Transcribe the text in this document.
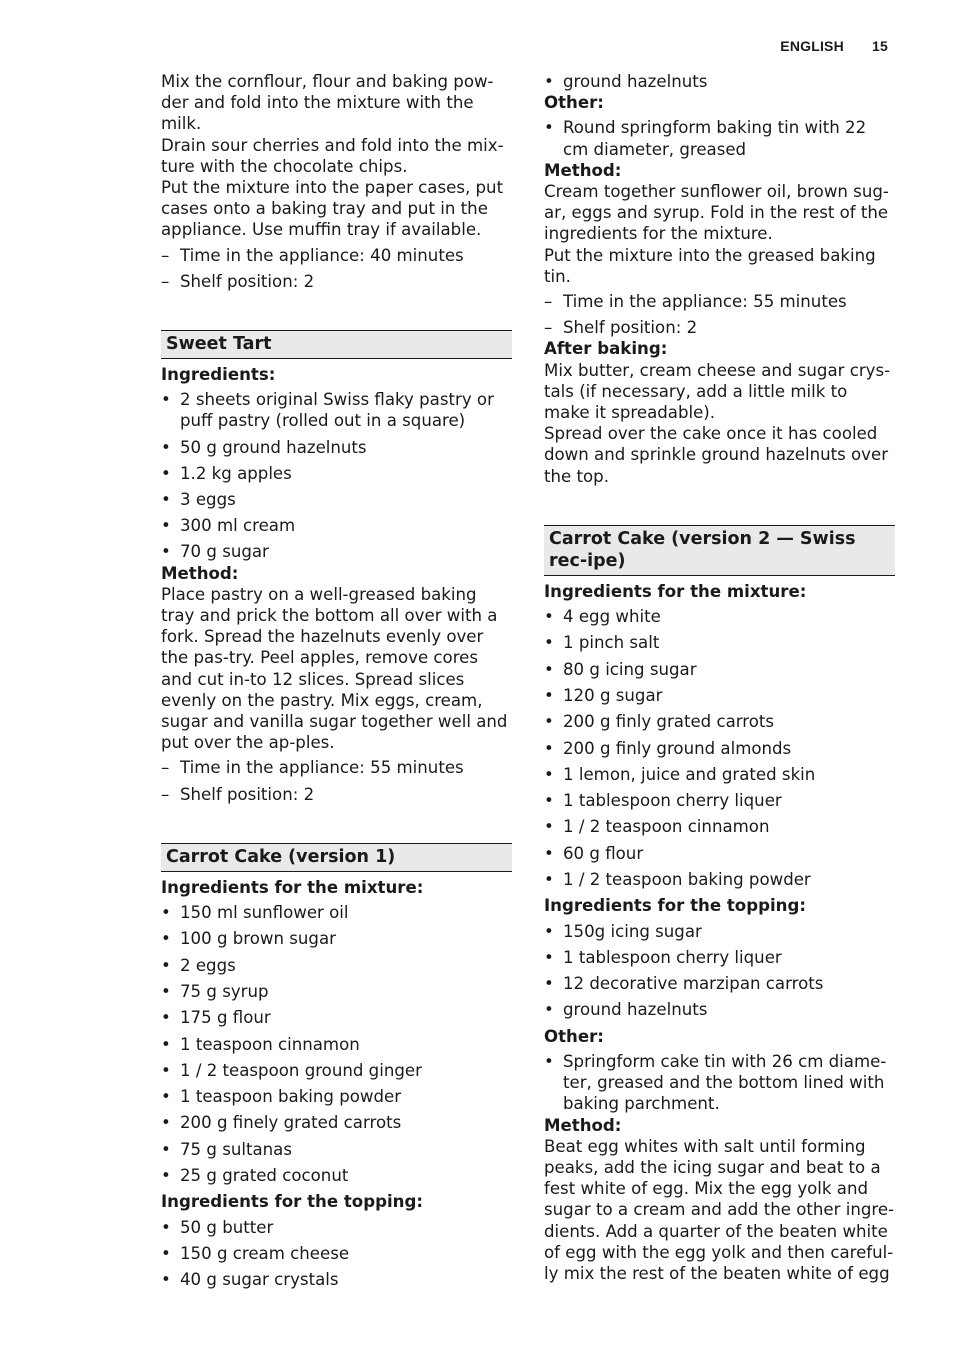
ENGLISH 15

Mix the cornflour, flour and baking pow-der and fold into the mixture with the milk.

Drain sour cherries and fold into the mix-ture with the chocolate chips.

Put the mixture into the paper cases, put cases onto a baking tray and put in the appliance. Use muffin tray if available.

– Time in the appliance: 40 minutes
– Shelf position: 2
Sweet Tart

Ingredients:

• 2 sheets original Swiss flaky pastry or puff pastry (rolled out in a square)
• 50 g ground hazelnuts
• 1.2 kg apples
• 3 eggs
• 300 ml cream
• 70 g sugar

Method:

Place pastry on a well-greased baking tray and prick the bottom all over with a fork. Spread the hazelnuts evenly over the pas-try. Peel apples, remove cores and cut in-to 12 slices. Spread slices evenly on the pastry. Mix eggs, cream, sugar and vanilla sugar together well and put over the ap-ples.

– Time in the appliance: 55 minutes
– Shelf position: 2
Carrot Cake (version 1)

Ingredients for the mixture:

• 150 ml sunflower oil
• 100 g brown sugar
• 2 eggs
• 75 g syrup
• 175 g flour
• 1 teaspoon cinnamon
• 1 / 2 teaspoon ground ginger
• 1 teaspoon baking powder
• 200 g finely grated carrots
• 75 g sultanas
• 25 g grated coconut

Ingredients for the topping:

• 50 g butter
• 150 g cream cheese
• 40 g sugar crystals
• ground hazelnuts

Other:

• Round springform baking tin with 22 cm diameter, greased

Method:

Cream together sunflower oil, brown sug-ar, eggs and syrup. Fold in the rest of the ingredients for the mixture.

Put the mixture into the greased baking tin.

– Time in the appliance: 55 minutes
– Shelf position: 2

After baking:

Mix butter, cream cheese and sugar crys-tals (if necessary, add a little milk to make it spreadable).

Spread over the cake once it has cooled down and sprinkle ground hazelnuts over the top.

Carrot Cake (version 2 — Swiss rec-ipe)

Ingredients for the mixture:

• 4 egg white
• 1 pinch salt
• 80 g icing sugar
• 120 g sugar
• 200 g finly grated carrots
• 200 g finly ground almonds
• 1 lemon, juice and grated skin
• 1 tablespoon cherry liquer
• 1 / 2 teaspoon cinnamon
• 60 g flour
• 1 / 2 teaspoon baking powder

Ingredients for the topping:

• 150g icing sugar
• 1 tablespoon cherry liquer
• 12 decorative marzipan carrots
• ground hazelnuts

Other:

• Springform cake tin with 26 cm diame-ter, greased and the bottom lined with baking parchment.

Method:

Beat egg whites with salt until forming peaks, add the icing sugar and beat to a fest white of egg. Mix the egg yolk and sugar to a cream and add the other ingre-dients. Add a quarter of the beaten white of egg with the egg yolk and then careful-ly mix the rest of the beaten white of egg
